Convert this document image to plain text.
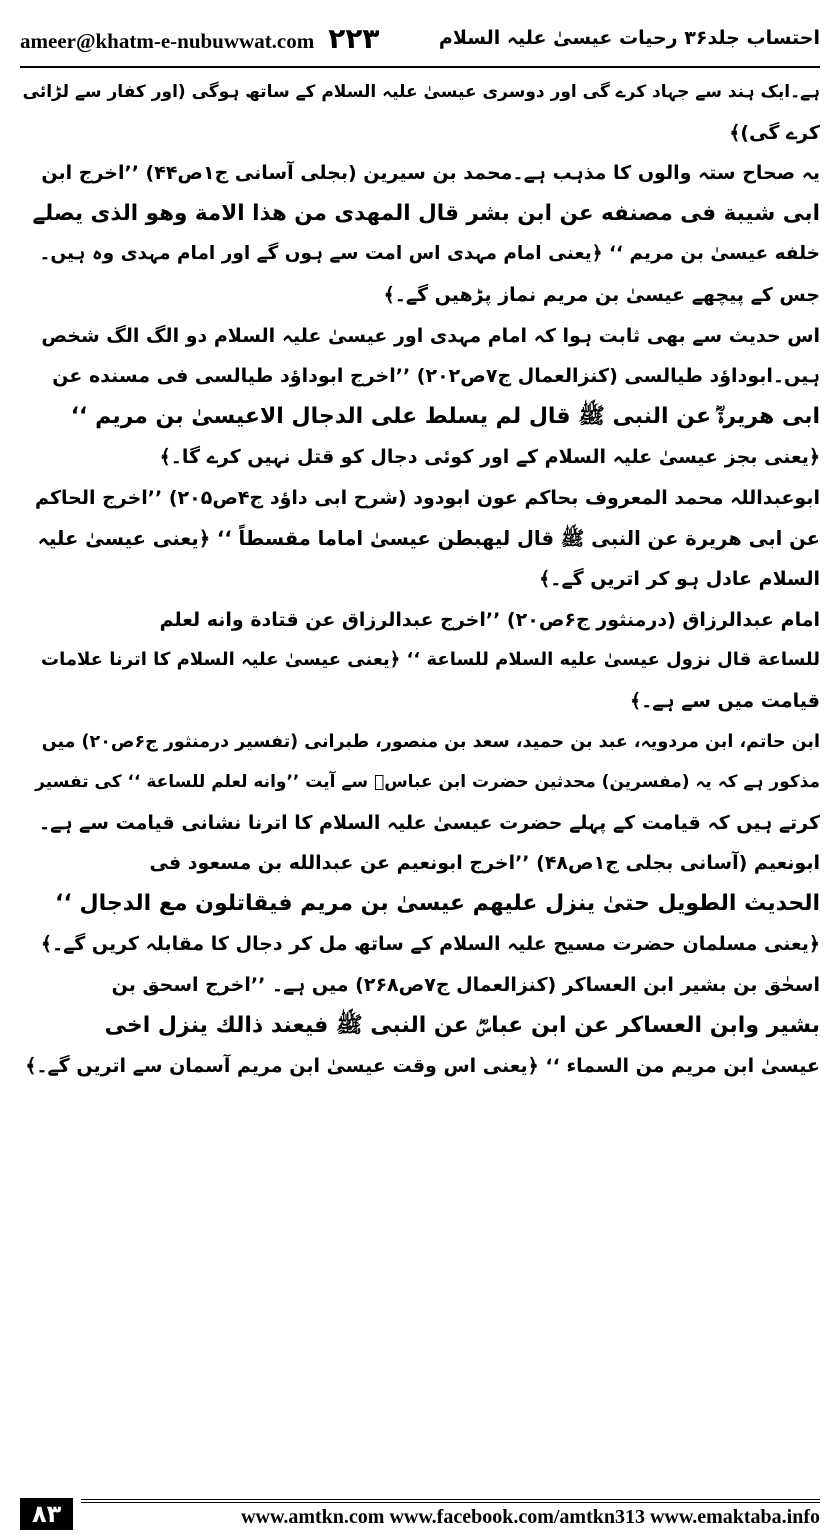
ameer@khatm-e-nubuwwat.com ۲۲۳	احتساب جلد۳۶ رحیات عیسیٰ علیہ السلام
ہے۔ایک ہند سے جہاد کرے گی اور دوسری عیسیٰ علیہ السلام کے ساتھ ہوگی (اور کفار سے لڑائی
کرے گی)﴾
یہ صحاح ستہ والوں کا مذہب ہے۔محمد بن سیرین (بجلی آسانی ج۱ص۴۴) ’’اخرج ابن
ابی شیبة فی مصنفه عن ابن بشر قال المهدی من هذا الامة وهو الذی یصلے
خلفه عیسیٰ بن مریم ‘‘ ﴿یعنی امام مہدی اس امت سے ہوں گے اور امام مہدی وہ ہیں۔
جس کے پیچھے عیسیٰ بن مریم نماز پڑھیں گے۔﴾
اس حدیث سے بھی ثابت ہوا کہ امام مہدی اور عیسیٰ علیہ السلام دو الگ الگ شخص
ہیں۔ابوداؤد طیالسی (کنزالعمال ج۷ص۲۰۲) ’’اخرج ابوداؤد طیالسی فی مسنده عن
ابی هریرةؓ عن النبی ﷺ قال لم یسلط علی الدجال الاعیسیٰ بن مریم ‘‘
﴿یعنی بجز عیسیٰ علیہ السلام کے اور کوئی دجال کو قتل نہیں کرے گا۔﴾
ابوعبداللہ محمد المعروف بحاکم عون ابودود (شرح ابی داؤد ج۴ص۲۰۵) ’’اخرج الحاکم
عن ابی هریرة عن النبی ﷺ قال لیهبطن عیسیٰ اماما مقسطاً ‘‘ ﴿یعنی عیسیٰ علیہ
السلام عادل ہو کر اتریں گے۔﴾
امام عبدالرزاق (درمنثور ج۶ص۲۰) ’’اخرج عبدالرزاق عن قتادة وانه لعلم
للساعة قال نزول عیسیٰ علیه السلام للساعة ‘‘ ﴿یعنی عیسیٰ علیہ السلام کا اترنا علامات
قیامت میں سے ہے۔﴾
ابن حاتم، ابن مردویہ، عبد بن حمید، سعد بن منصور، طبرانی (تفسیر درمنثور ج۶ص۲۰) میں
مذکور ہے کہ یہ (مفسرین) محدثین حضرت ابن عباسؓ سے آیت ’’وانه لعلم للساعة ‘‘ کی تفسیر
کرتے ہیں کہ قیامت کے پہلے حضرت عیسیٰ علیہ السلام کا اترنا نشانی قیامت سے ہے۔
ابونعیم (آسانی بجلی ج۱ص۴۸) ’’اخرج ابونعیم عن عبدالله بن مسعود فی
الحدیث الطویل حتیٰ ینزل علیهم عیسیٰ بن مریم فیقاتلون مع الدجال ‘‘
﴿یعنی مسلمان حضرت مسیح علیہ السلام کے ساتھ مل کر دجال کا مقابلہ کریں گے۔﴾
اسحٰق بن بشیر ابن العساکر (کنزالعمال ج۷ص۲۶۸) میں ہے۔ ’’اخرج اسحق بن
بشیر وابن العساکر عن ابن عباسؓ عن النبی ﷺ فیعند ذالك ینزل اخی
عیسیٰ ابن مریم من السماء ‘‘ ﴿یعنی اس وقت عیسیٰ ابن مریم آسمان سے اتریں گے۔﴾
۸۳	www.amtkn.com www.facebook.com/amtkn313 www.emaktaba.info
